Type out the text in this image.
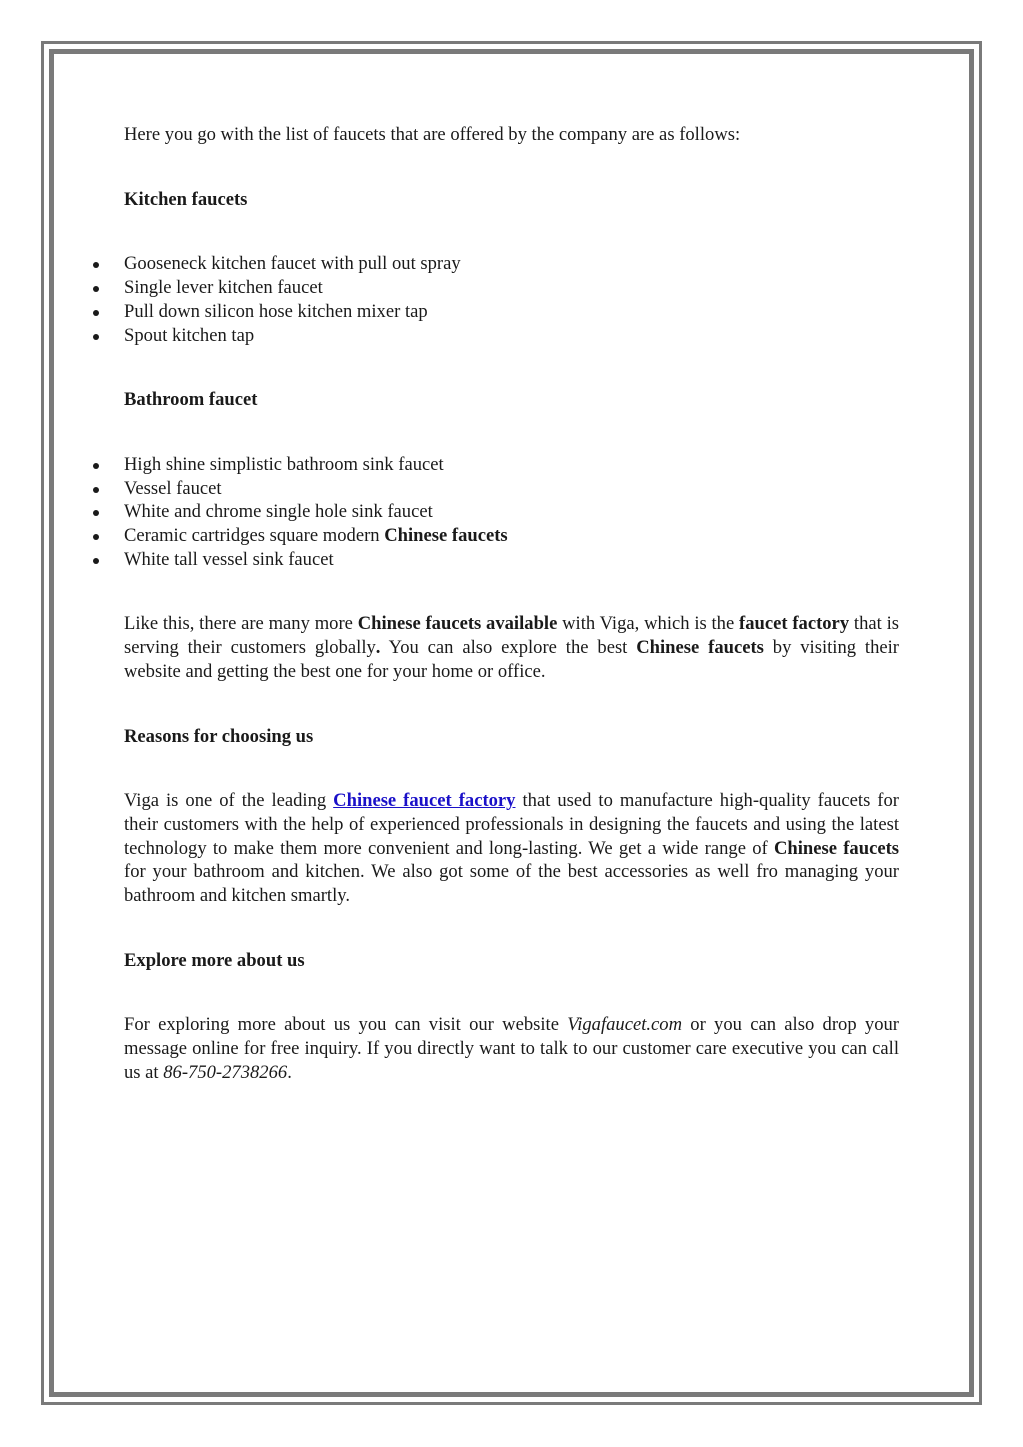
Here you go with the list of faucets that are offered by the company are as follows:

Kitchen faucets

Gooseneck kitchen faucet with pull out spray
Single lever kitchen faucet
Pull down silicon hose kitchen mixer tap
Spout kitchen tap

Bathroom faucet

High shine simplistic bathroom sink faucet
Vessel faucet
White and chrome single hole sink faucet
Ceramic cartridges square modern Chinese faucets
White tall vessel sink faucet

Like this, there are many more Chinese faucets available with Viga, which is the faucet factory that is serving their customers globally. You can also explore the best Chinese faucets by visiting their website and getting the best one for your home or office.

Reasons for choosing us

Viga is one of the leading Chinese faucet factory that used to manufacture high-quality faucets for their customers with the help of experienced professionals in designing the faucets and using the latest technology to make them more convenient and long-lasting. We get a wide range of Chinese faucets for your bathroom and kitchen. We also got some of the best accessories as well fro managing your bathroom and kitchen smartly.

Explore more about us

For exploring more about us you can visit our website Vigafaucet.com or you can also drop your message online for free inquiry. If you directly want to talk to our customer care executive you can call us at 86-750-2738266.
